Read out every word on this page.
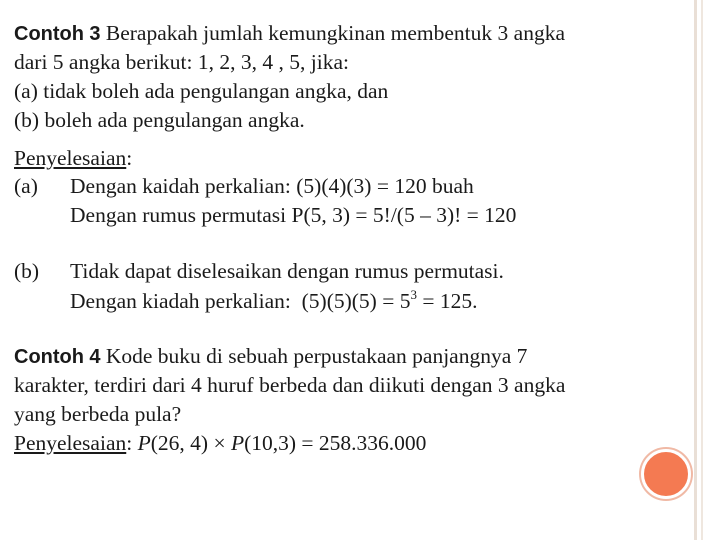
Contoh 3 Berapakah jumlah kemungkinan membentuk 3 angka
dari 5 angka berikut: 1, 2, 3, 4 , 5, jika:
(a) tidak boleh ada pengulangan angka, dan
(b) boleh ada pengulangan angka.
Penyelesaian:
(a) Dengan kaidah perkalian: (5)(4)(3) = 120 buah
Dengan rumus permutasi P(5, 3) = 5!/(5 – 3)! = 120
(b) Tidak dapat diselesaikan dengan rumus permutasi.
Dengan kiadah perkalian:  $(5)(5)(5) = 5^3 = 125$.
Contoh 4 Kode buku di sebuah perpustakaan panjangnya 7
karakter, terdiri dari 4 huruf berbeda dan diikuti dengan 3 angka
yang berbeda pula?
Penyelesaian: P(26, 4) × P(10,3) = 258.336.000
